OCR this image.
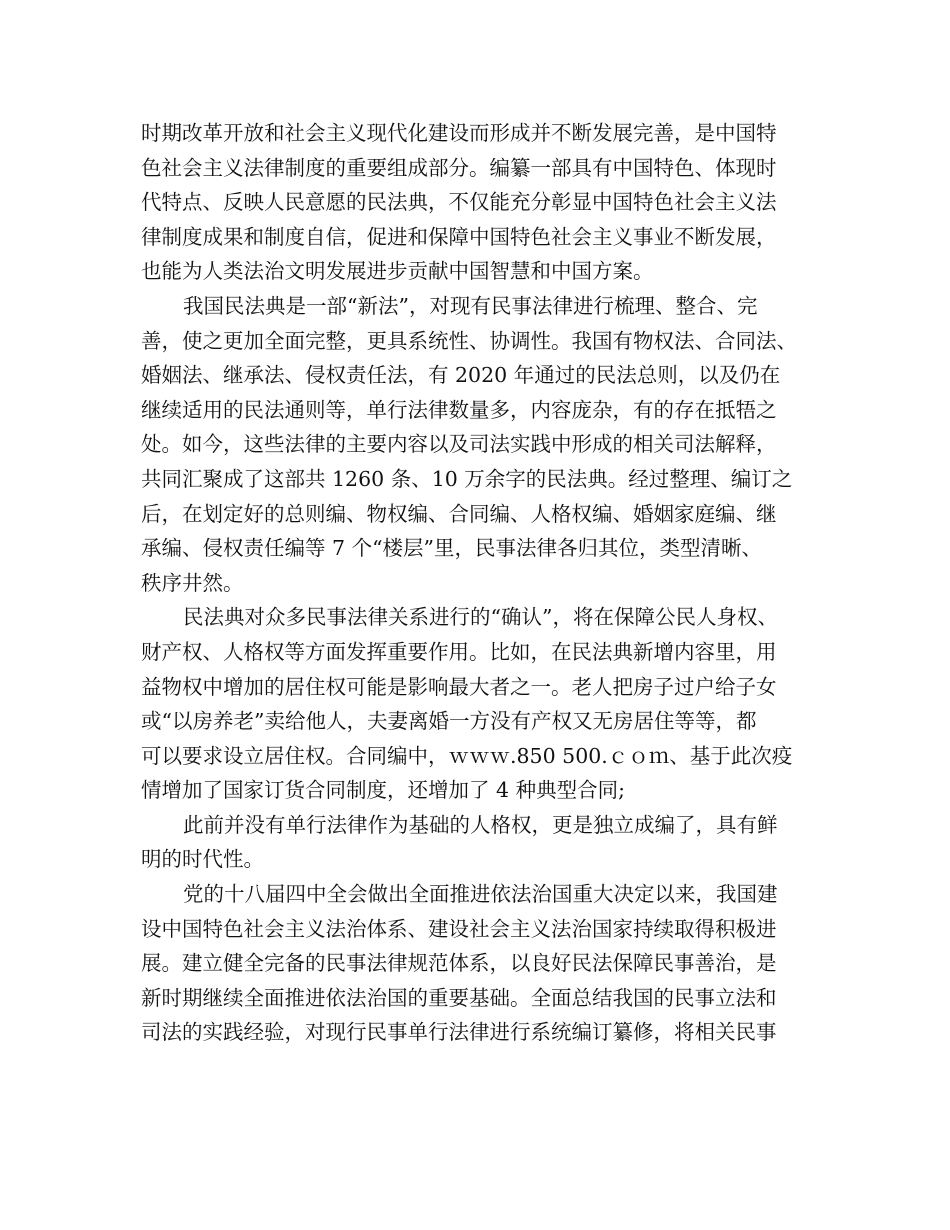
时期改革开放和社会主义现代化建设而形成并不断发展完善，是中国特
色社会主义法律制度的重要组成部分。编纂一部具有中国特色、体现时
代特点、反映人民意愿的民法典，不仅能充分彰显中国特色社会主义法
律制度成果和制度自信，促进和保障中国特色社会主义事业不断发展，
也能为人类法治文明发展进步贡献中国智慧和中国方案。
我国民法典是一部“新法”，对现有民事法律进行梳理、整合、完
善，使之更加全面完整，更具系统性、协调性。我国有物权法、合同法、
婚姻法、继承法、侵权责任法，有 2020 年通过的民法总则，以及仍在
继续适用的民法通则等，单行法律数量多，内容庞杂，有的存在抵牾之
处。如今，这些法律的主要内容以及司法实践中形成的相关司法解释，
共同汇聚成了这部共 1260 条、10 万余字的民法典。经过整理、编订之
后，在划定好的总则编、物权编、合同编、人格权编、婚姻家庭编、继
承编、侵权责任编等 7 个“楼层”里，民事法律各归其位，类型清晰、
秩序井然。
民法典对众多民事法律关系进行的“确认”，将在保障公民人身权、
财产权、人格权等方面发挥重要作用。比如，在民法典新增内容里，用
益物权中增加的居住权可能是影响最大者之一。老人把房子过户给子女
或“以房养老”卖给他人，夫妻离婚一方没有产权又无房居住等等，都
可以要求设立居住权。合同编中，ｗｗｗ.850 500.ｃｏｍ、基于此次疫
情增加了国家订货合同制度，还增加了 4 种典型合同;
此前并没有单行法律作为基础的人格权，更是独立成编了，具有鲜
明的时代性。
党的十八届四中全会做出全面推进依法治国重大决定以来，我国建
设中国特色社会主义法治体系、建设社会主义法治国家持续取得积极进
展。建立健全完备的民事法律规范体系，以良好民法保障民事善治，是
新时期继续全面推进依法治国的重要基础。全面总结我国的民事立法和
司法的实践经验，对现行民事单行法律进行系统编订纂修，将相关民事
